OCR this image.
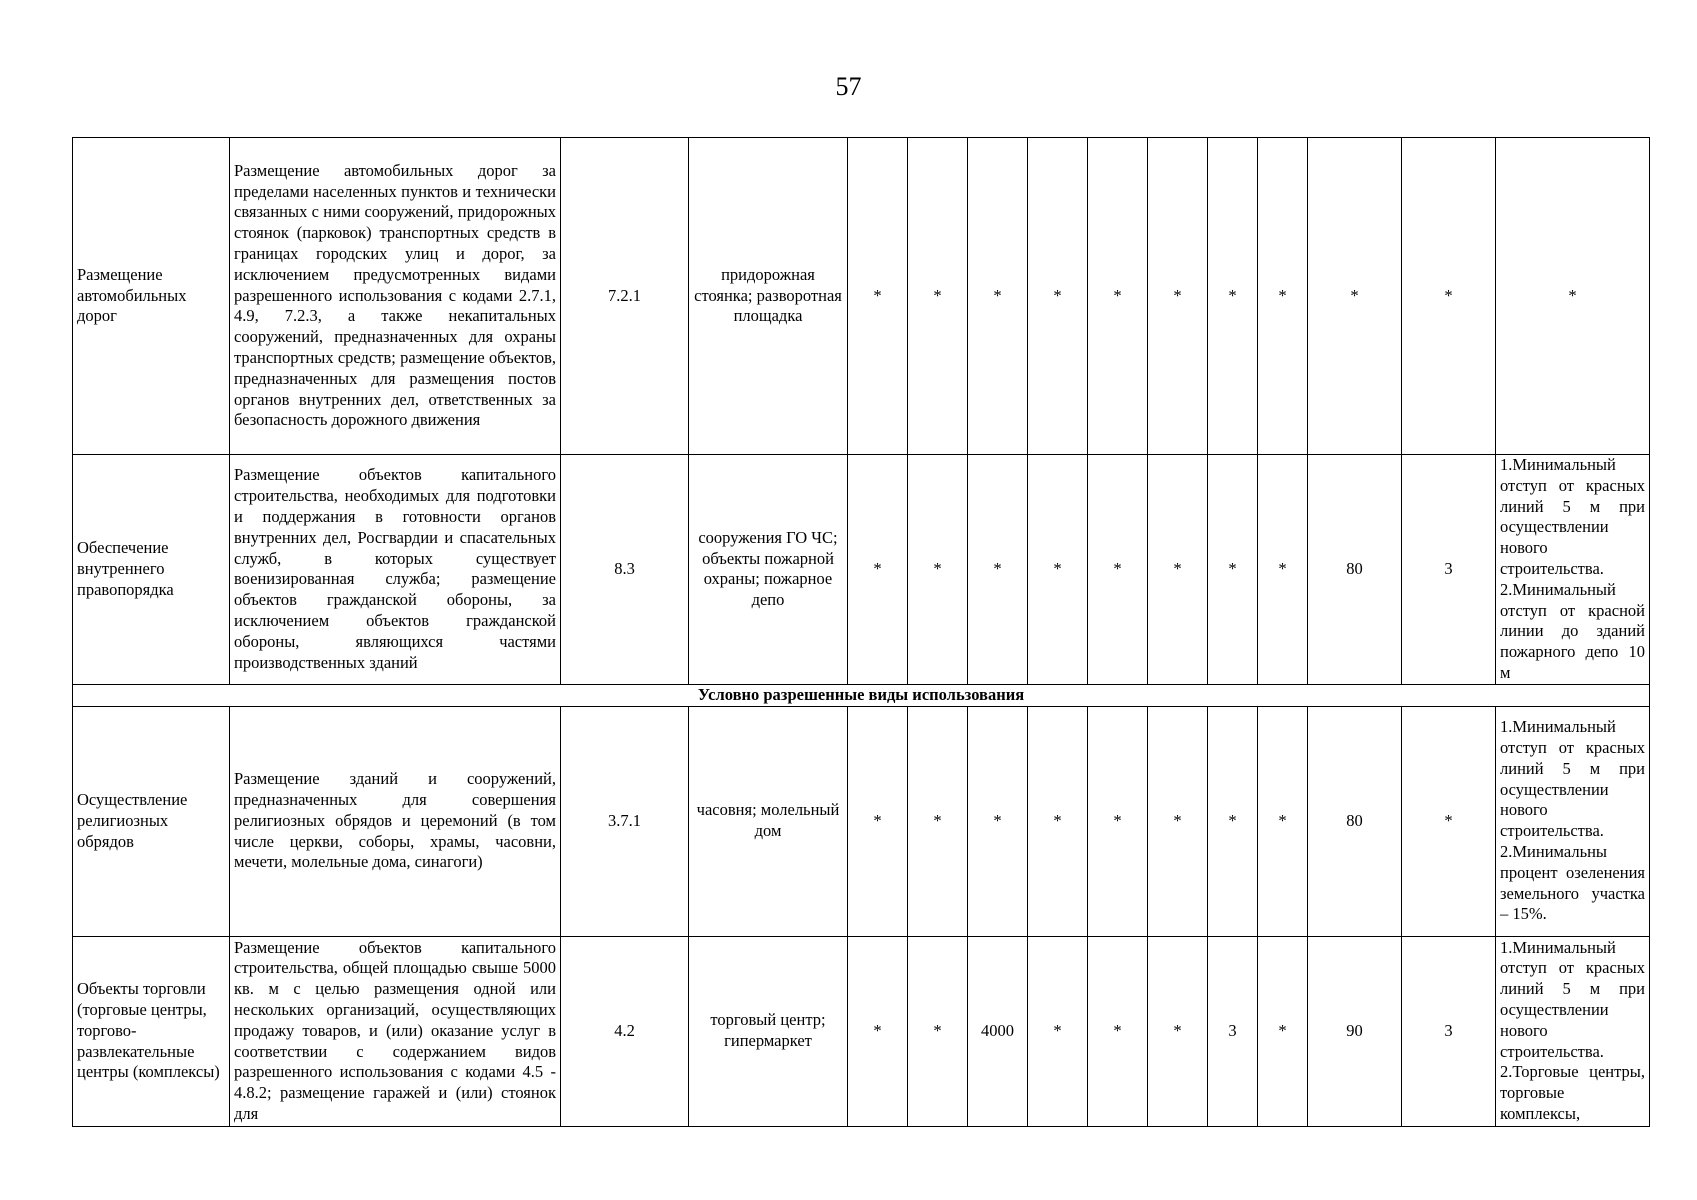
57
Размещение автомобильных дорог	Размещение автомобильных дорог за пределами населенных пунктов и технически связанных с ними сооружений, придорожных стоянок (парковок) транспортных средств в границах городских улиц и дорог, за исключением предусмотренных видами разрешенного использования с кодами 2.7.1, 4.9, 7.2.3, а также некапитальных сооружений, предназначенных для охраны транспортных средств; размещение объектов, предназначенных для размещения постов органов внутренних дел, ответственных за безопасность дорожного движения	7.2.1	придорожная стоянка; разворотная площадка	*	*	*	*	*	*	*	*	*	*	*
Обеспечение внутреннего правопорядка	Размещение объектов капитального строительства, необходимых для подготовки и поддержания в готовности органов внутренних дел, Росгвардии и спасательных служб, в которых существует военизированная служба; размещение объектов гражданской обороны, за исключением объектов гражданской обороны, являющихся частями производственных зданий	8.3	сооружения ГО ЧС; объекты пожарной охраны; пожарное депо	*	*	*	*	*	*	*	*	80	3	1.Минимальный отступ от красных линий 5 м при осуществлении нового строительства. 2.Минимальный отступ от красной линии до зданий пожарного депо 10 м
Условно разрешенные виды использования														
Осуществление религиозных обрядов	Размещение зданий и сооружений, предназначенных для совершения религиозных обрядов и церемоний (в том числе церкви, соборы, храмы, часовни, мечети, молельные дома, синагоги)	3.7.1	часовня; молельный дом	*	*	*	*	*	*	*	*	80	*	1.Минимальный отступ от красных линий 5 м при осуществлении нового строительства. 2.Минимальны процент озеленения земельного участка – 15%.
Объекты торговли (торговые центры, торгово-развлекательные центры (комплексы)	Размещение объектов капитального строительства, общей площадью свыше 5000 кв. м с целью размещения одной или нескольких организаций, осуществляющих продажу товаров, и (или) оказание услуг в соответствии с содержанием видов разрешенного использования с кодами 4.5 - 4.8.2; размещение гаражей и (или) стоянок для	4.2	торговый центр; гипермаркет	*	*	4000	*	*	*	3	*	90	3	1.Минимальный отступ от красных линий 5 м при осуществлении нового строительства. 2.Торговые центры, торговые комплексы,
